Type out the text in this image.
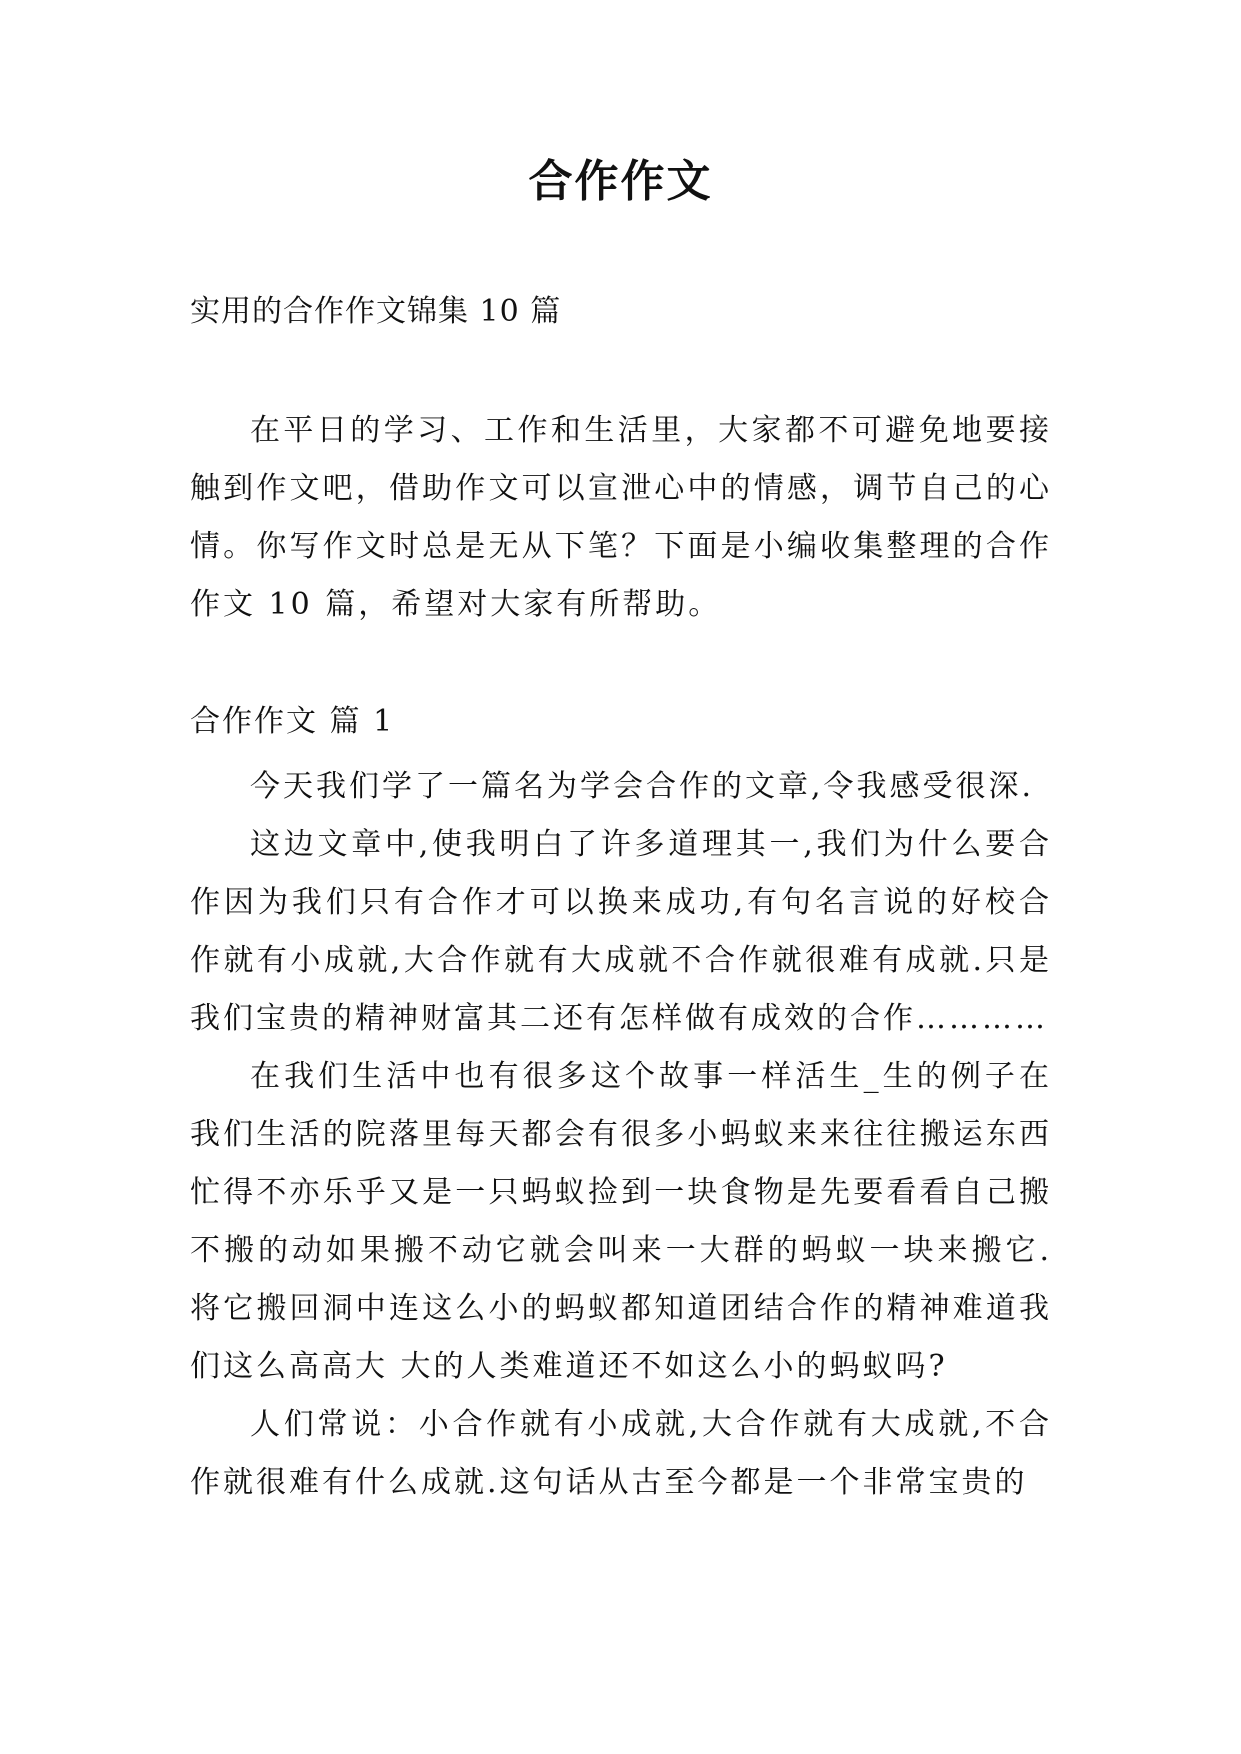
合作作文

实用的合作作文锦集 10 篇

在平日的学习、工作和生活里，大家都不可避免地要接触到作文吧，借助作文可以宣泄心中的情感，调节自己的心情。你写作文时总是无从下笔？下面是小编收集整理的合作作文 10 篇，希望对大家有所帮助。

合作作文 篇 1

今天我们学了一篇名为学会合作的文章,令我感受很深.

这边文章中,使我明白了许多道理其一,我们为什么要合作因为我们只有合作才可以换来成功,有句名言说的好校合作就有小成就,大合作就有大成就不合作就很难有成就.只是我们宝贵的精神财富其二还有怎样做有成效的合作…………

在我们生活中也有很多这个故事一样活生_生的例子在我们生活的院落里每天都会有很多小蚂蚁来来往往搬运东西忙得不亦乐乎又是一只蚂蚁捡到一块食物是先要看看自己搬不搬的动如果搬不动它就会叫来一大群的蚂蚁一块来搬它.将它搬回洞中连这么小的蚂蚁都知道团结合作的精神难道我们这么高高大 大的人类难道还不如这么小的蚂蚁吗?

人们常说：小合作就有小成就,大合作就有大成就,不合作就很难有什么成就.这句话从古至今都是一个非常宝贵的
